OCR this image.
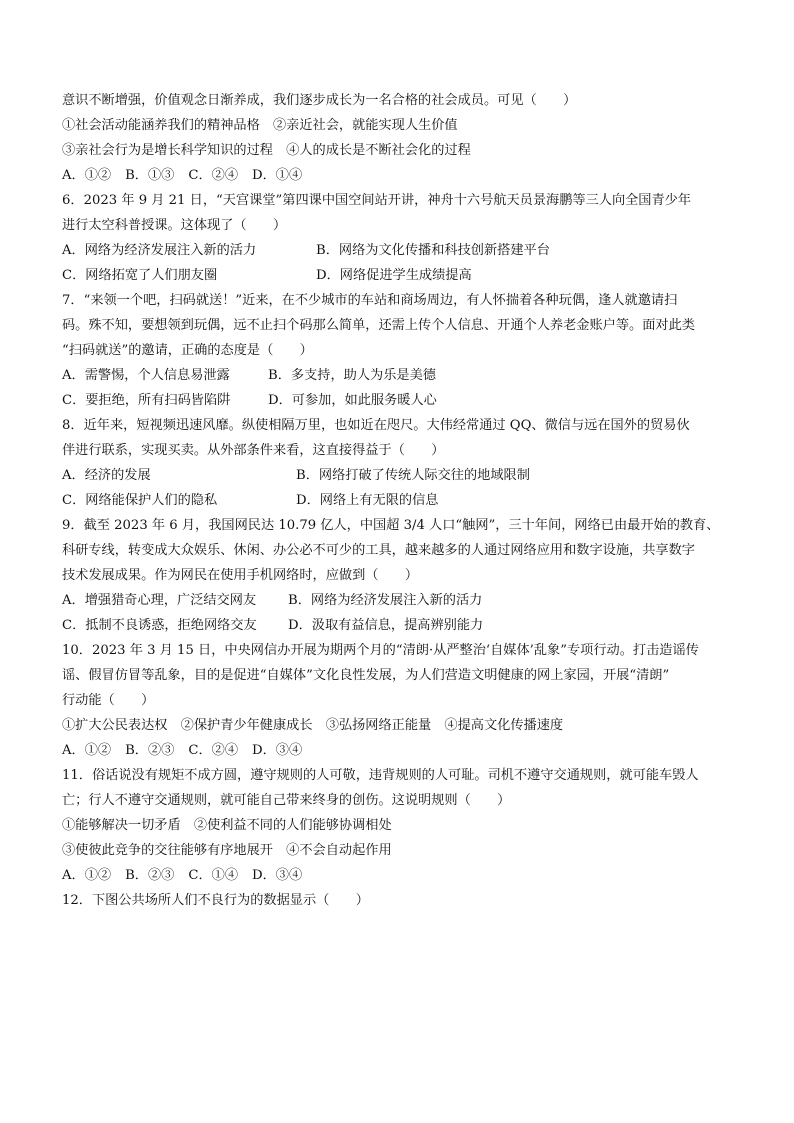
意识不断增强，价值观念日渐养成，我们逐步成长为一名合格的社会成员。可见（　　）
①社会活动能涵养我们的精神品格　②亲近社会，就能实现人生价值
③亲社会行为是增长科学知识的过程　④人的成长是不断社会化的过程
A．①② B．①③ C．②④ D．①④
6．2023 年 9 月 21 日，“天宫课堂”第四课中国空间站开讲，神舟十六号航天员景海鹏等三人向全国青少年
进行太空科普授课。这体现了（　　）
A．网络为经济发展注入新的活力	B．网络为文化传播和科技创新搭建平台
C．网络拓宽了人们朋友圈	D．网络促进学生成绩提高
7．“来领一个吧，扫码就送！”近来，在不少城市的车站和商场周边，有人怀揣着各种玩偶，逢人就邀请扫
码。殊不知，要想领到玩偶，远不止扫个码那么简单，还需上传个人信息、开通个人养老金账户等。面对此类
“扫码就送”的邀请，正确的态度是（　　）
A．需警惕，个人信息易泄露	B．多支持，助人为乐是美德
C．要拒绝，所有扫码皆陷阱	D．可参加，如此服务暖人心
8．近年来，短视频迅速风靡。纵使相隔万里，也如近在咫尺。大伟经常通过 QQ、微信与远在国外的贸易伙
伴进行联系，实现买卖。从外部条件来看，这直接得益于（　　）
A．经济的发展	B．网络打破了传统人际交往的地域限制
C．网络能保护人们的隐私	D．网络上有无限的信息
9．截至 2023 年 6 月，我国网民达 10.79 亿人，中国超 3/4 人口“触网”，三十年间，网络已由最开始的教育、
科研专线，转变成大众娱乐、休闲、办公必不可少的工具，越来越多的人通过网络应用和数字设施，共享数字
技术发展成果。作为网民在使用手机网络时，应做到（　　）
A．增强猎奇心理，广泛结交网友	B．网络为经济发展注入新的活力
C．抵制不良诱惑，拒绝网络交友	D．汲取有益信息，提高辨别能力
10．2023 年 3 月 15 日，中央网信办开展为期两个月的“清朗·从严整治‘自媒体’乱象”专项行动。打击造谣传
谣、假冒仿冒等乱象，目的是促进“自媒体”文化良性发展，为人们营造文明健康的网上家园，开展“清朗”
行动能（　　）
①扩大公民表达权　②保护青少年健康成长　③弘扬网络正能量　④提高文化传播速度
A．①② B．②③ C．②④ D．③④
11．俗话说没有规矩不成方圆，遵守规则的人可敬，违背规则的人可耻。司机不遵守交通规则，就可能车毁人
亡；行人不遵守交通规则，就可能自己带来终身的创伤。这说明规则（　　）
①能够解决一切矛盾　②使利益不同的人们能够协调相处
③使彼此竞争的交往能够有序地展开　④不会自动起作用
A．①② B．②③ C．①④ D．③④
12．下图公共场所人们不良行为的数据显示（　　）
